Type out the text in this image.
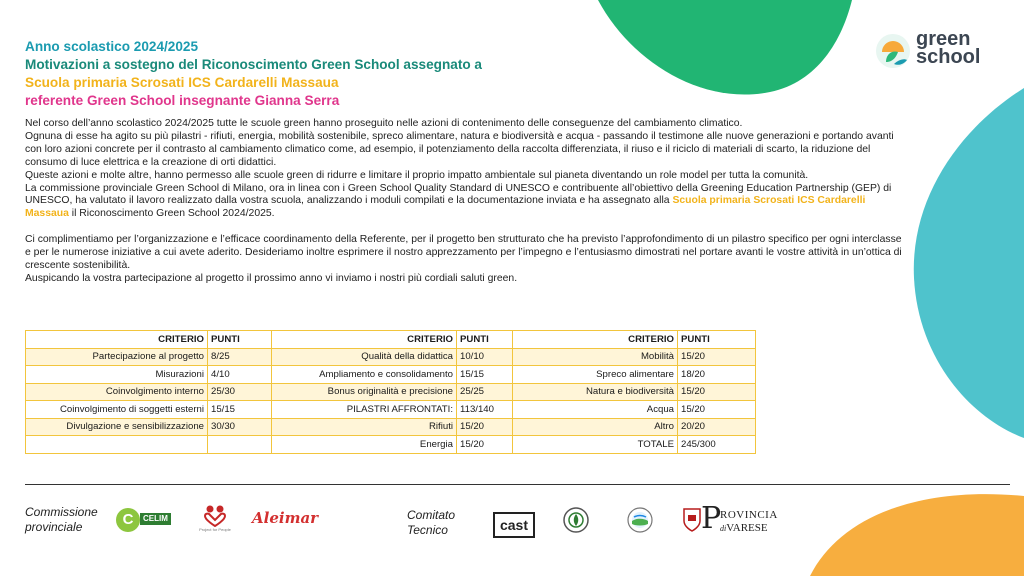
Anno scolastico 2024/2025
Motivazioni a sostegno del Riconoscimento Green School assegnato a
Scuola primaria Scrosati ICS Cardarelli Massaua
referente Green School insegnante Gianna Serra
green
school

Nel corso dell’anno scolastico 2024/2025 tutte le scuole green hanno proseguito nelle azioni di contenimento delle conseguenze del cambiamento climatico.

Ognuna di esse ha agito su più pilastri - rifiuti, energia, mobilità sostenibile, spreco alimentare, natura e biodiversità e acqua - passando il testimone alle nuove generazioni e portando avanti con loro azioni concrete per il contrasto al cambiamento climatico come, ad esempio, il potenziamento della raccolta differenziata, il riuso e il riciclo di materiali di scarto, la riduzione del consumo di luce elettrica e la creazione di orti didattici.

Queste azioni e molte altre, hanno permesso alle scuole green di ridurre e limitare il proprio impatto ambientale sul pianeta diventando un role model per tutta la comunità.

La commissione provinciale Green School di Milano, ora in linea con i Green School Quality Standard di UNESCO e contribuente all’obiettivo della Greening Education Partnership (GEP) di UNESCO, ha valutato il lavoro realizzato dalla vostra scuola, analizzando i moduli compilati e la documentazione inviata e ha assegnato alla Scuola primaria Scrosati ICS Cardarelli Massaua il Riconoscimento Green School 2024/2025.

Ci complimentiamo per l’organizzazione e l’efficace coordinamento della Referente, per il progetto ben strutturato che ha previsto l’approfondimento di un pilastro specifico per ogni interclasse e per le numerose iniziative a cui avete aderito. Desideriamo inoltre esprimere il nostro apprezzamento per l’impegno e l’entusiasmo dimostrati nel portare avanti le vostre attività in un’ottica di crescente sostenibilità.

Auspicando la vostra partecipazione al progetto il prossimo anno vi inviamo i nostri più cordiali saluti green.

CRITERIO	PUNTI	CRITERIO	PUNTI	CRITERIO	PUNTI
Partecipazione al progetto	8/25	Qualità della didattica	10/10	Mobilità	15/20
Misurazioni	4/10	Ampliamento e consolidamento	15/15	Spreco alimentare	18/20
Coinvolgimento interno	25/30	Bonus originalità e precisione	25/25	Natura e biodiversità	15/20
Coinvolgimento di soggetti esterni	15/15	PILASTRI AFFRONTATI:	113/140	Acqua	15/20
Divulgazione e sensibilizzazione	30/30	Rifiuti	15/20	Altro	20/20
		Energia	15/20	TOTALE	245/300
Commissione
provinciale	C	CELIM
Project for People
Aleimar	Comitato
Tecnico	cast	P
ROVINCIA
diVARESE
